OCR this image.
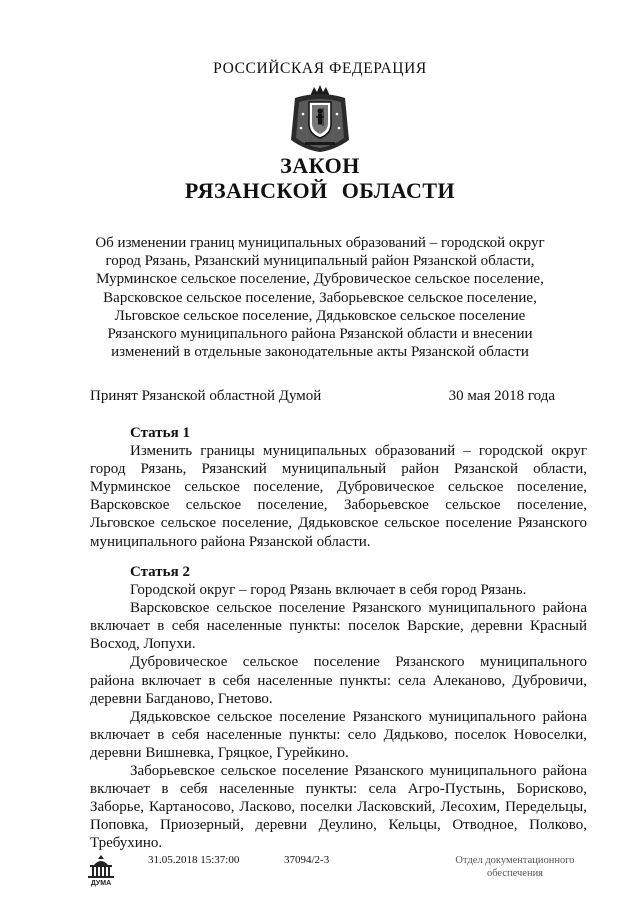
РОССИЙСКАЯ ФЕДЕРАЦИЯ
ЗАКОН
РЯЗАНСКОЙ ОБЛАСТИ
Об изменении границ муниципальных образований – городской округ город Рязань, Рязанский муниципальный район Рязанской области, Мурминское сельское поселение, Дубровическое сельское поселение, Варсковское сельское поселение, Заборьевское сельское поселение, Льговское сельское поселение, Дядьковское сельское поселение Рязанского муниципального района Рязанской области и внесении изменений в отдельные законодательные акты Рязанской области
Принят Рязанской областной Думой	30 мая 2018 года

Статья 1

Изменить границы муниципальных образований – городской округ город Рязань, Рязанский муниципальный район Рязанской области, Мурминское сельское поселение, Дубровическое сельское поселение, Варсковское сельское поселение, Заборьевское сельское поселение, Льговское сельское поселение, Дядьковское сельское поселение Рязанского муниципального района Рязанской области.

Статья 2

Городской округ – город Рязань включает в себя город Рязань.

Варсковское сельское поселение Рязанского муниципального района включает в себя населенные пункты: поселок Варские, деревни Красный Восход, Лопухи.

Дубровическое сельское поселение Рязанского муниципального района включает в себя населенные пункты: села Алеканово, Дубровичи, деревни Багданово, Гнетово.

Дядьковское сельское поселение Рязанского муниципального района включает в себя населенные пункты: село Дядьково, поселок Новоселки, деревни Вишневка, Гряцкое, Гурейкино.

Заборьевское сельское поселение Рязанского муниципального района включает в себя населенные пункты: села Агро-Пустынь, Борисково, Заборье, Картаносово, Ласково, поселки Ласковский, Лесохим, Передельцы, Поповка, Приозерный, деревни Деулино, Кельцы, Отводное, Полково, Требухино.

ДУМА
31.05.2018 15:37:00	37094/2-3	Отдел документационного
обеспечения
